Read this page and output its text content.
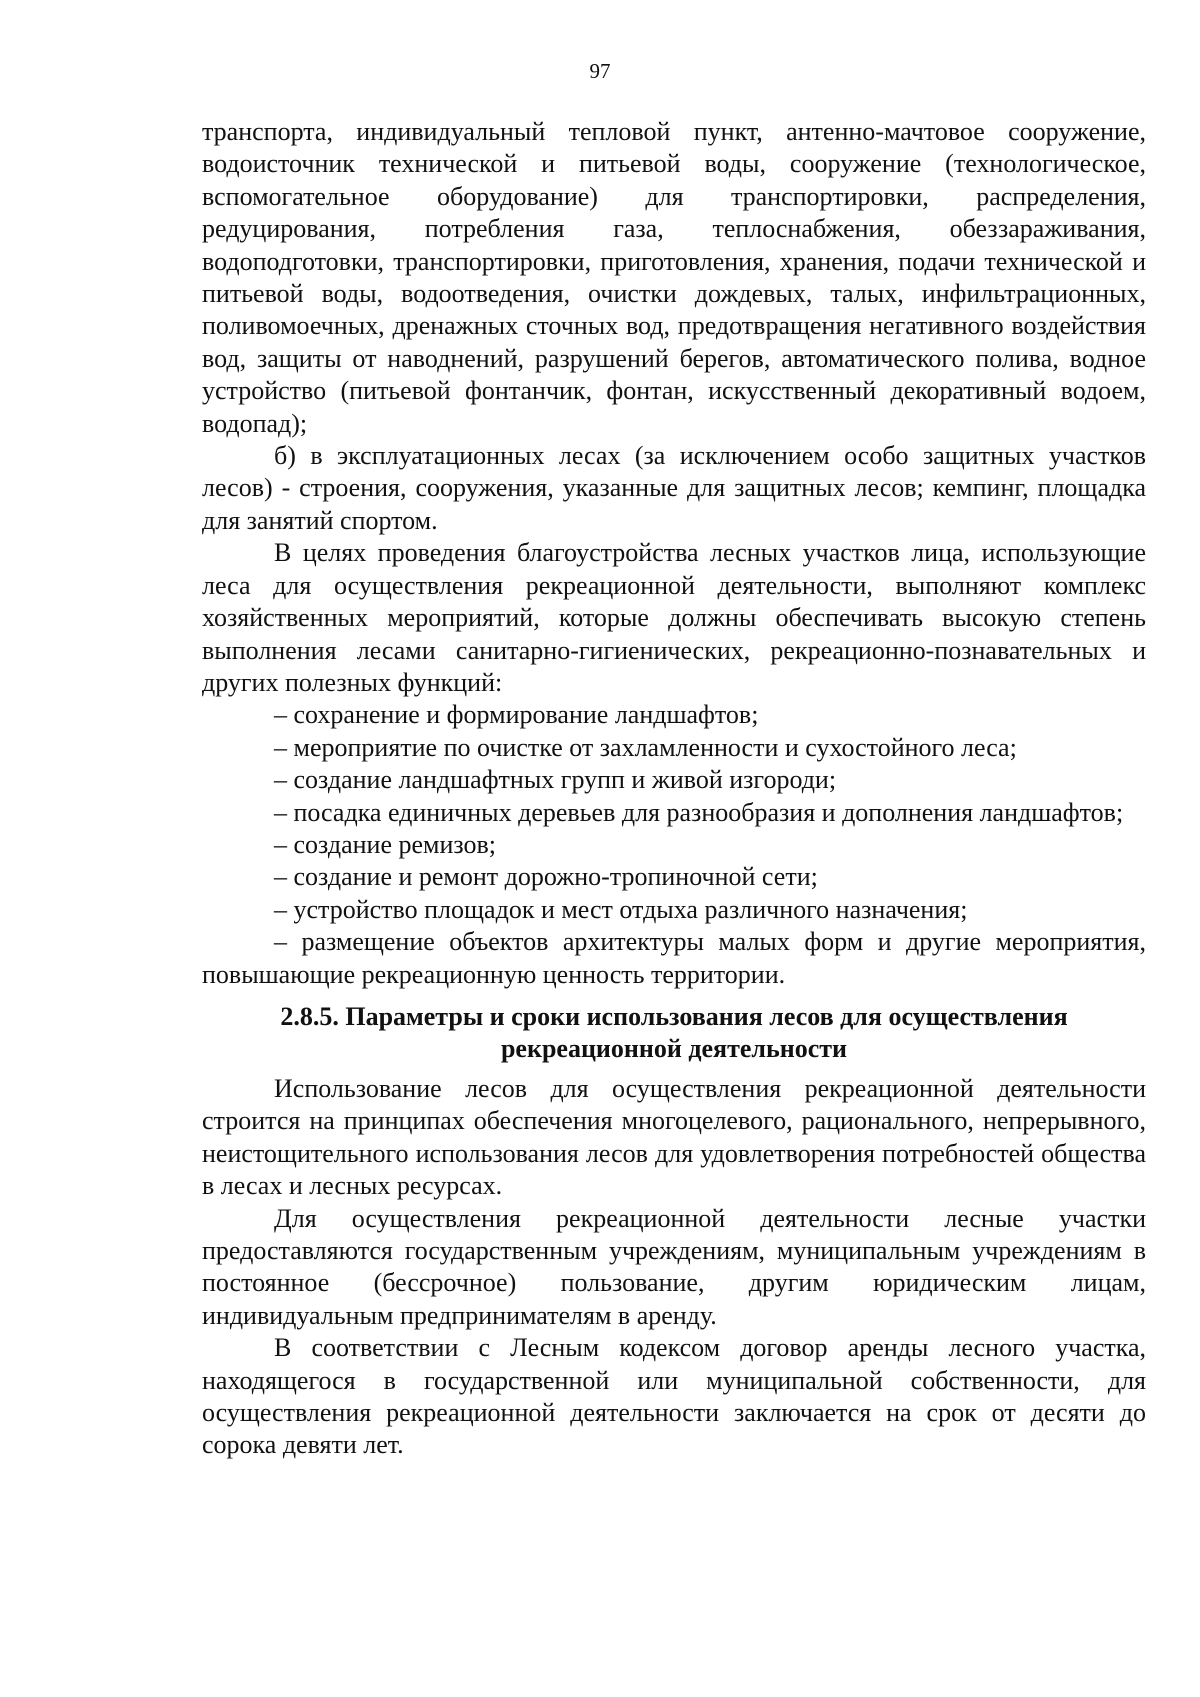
97

транспорта, индивидуальный тепловой пункт, антенно-мачтовое сооружение, водоисточник технической и питьевой воды, сооружение (технологическое, вспомогательное оборудование) для транспортировки, распределения, редуцирования, потребления газа, теплоснабжения, обеззараживания, водоподготовки, транспортировки, приготовления, хранения, подачи технической и питьевой воды, водоотведения, очистки дождевых, талых, инфильтрационных, поливомоечных, дренажных сточных вод, предотвращения негативного воздействия вод, защиты от наводнений, разрушений берегов, автоматического полива, водное устройство (питьевой фонтанчик, фонтан, искусственный декоративный водоем, водопад);

б) в эксплуатационных лесах (за исключением особо защитных участков лесов) - строения, сооружения, указанные для защитных лесов; кемпинг, площадка для занятий спортом.

В целях проведения благоустройства лесных участков лица, использующие леса для осуществления рекреационной деятельности, выполняют комплекс хозяйственных мероприятий, которые должны обеспечивать высокую степень выполнения лесами санитарно-гигиенических, рекреационно-познавательных и других полезных функций:

– сохранение и формирование ландшафтов;

– мероприятие по очистке от захламленности и сухостойного леса;

– создание ландшафтных групп и живой изгороди;

– посадка единичных деревьев для разнообразия и дополнения ландшафтов;

– создание ремизов;

– создание и ремонт дорожно-тропиночной сети;

– устройство площадок и мест отдыха различного назначения;

– размещение объектов архитектуры малых форм и другие мероприятия, повышающие рекреационную ценность территории.

2.8.5. Параметры и сроки использования лесов для осуществления
рекреационной деятельности

Использование лесов для осуществления рекреационной деятельности строится на принципах обеспечения многоцелевого, рационального, непрерывного, неистощительного использования лесов для удовлетворения потребностей общества в лесах и лесных ресурсах.

Для осуществления рекреационной деятельности лесные участки предоставляются государственным учреждениям, муниципальным учреждениям в постоянное (бессрочное) пользование, другим юридическим лицам, индивидуальным предпринимателям в аренду.

В соответствии с Лесным кодексом договор аренды лесного участка, находящегося в государственной или муниципальной собственности, для осуществления рекреационной деятельности заключается на срок от десяти до сорока девяти лет.
